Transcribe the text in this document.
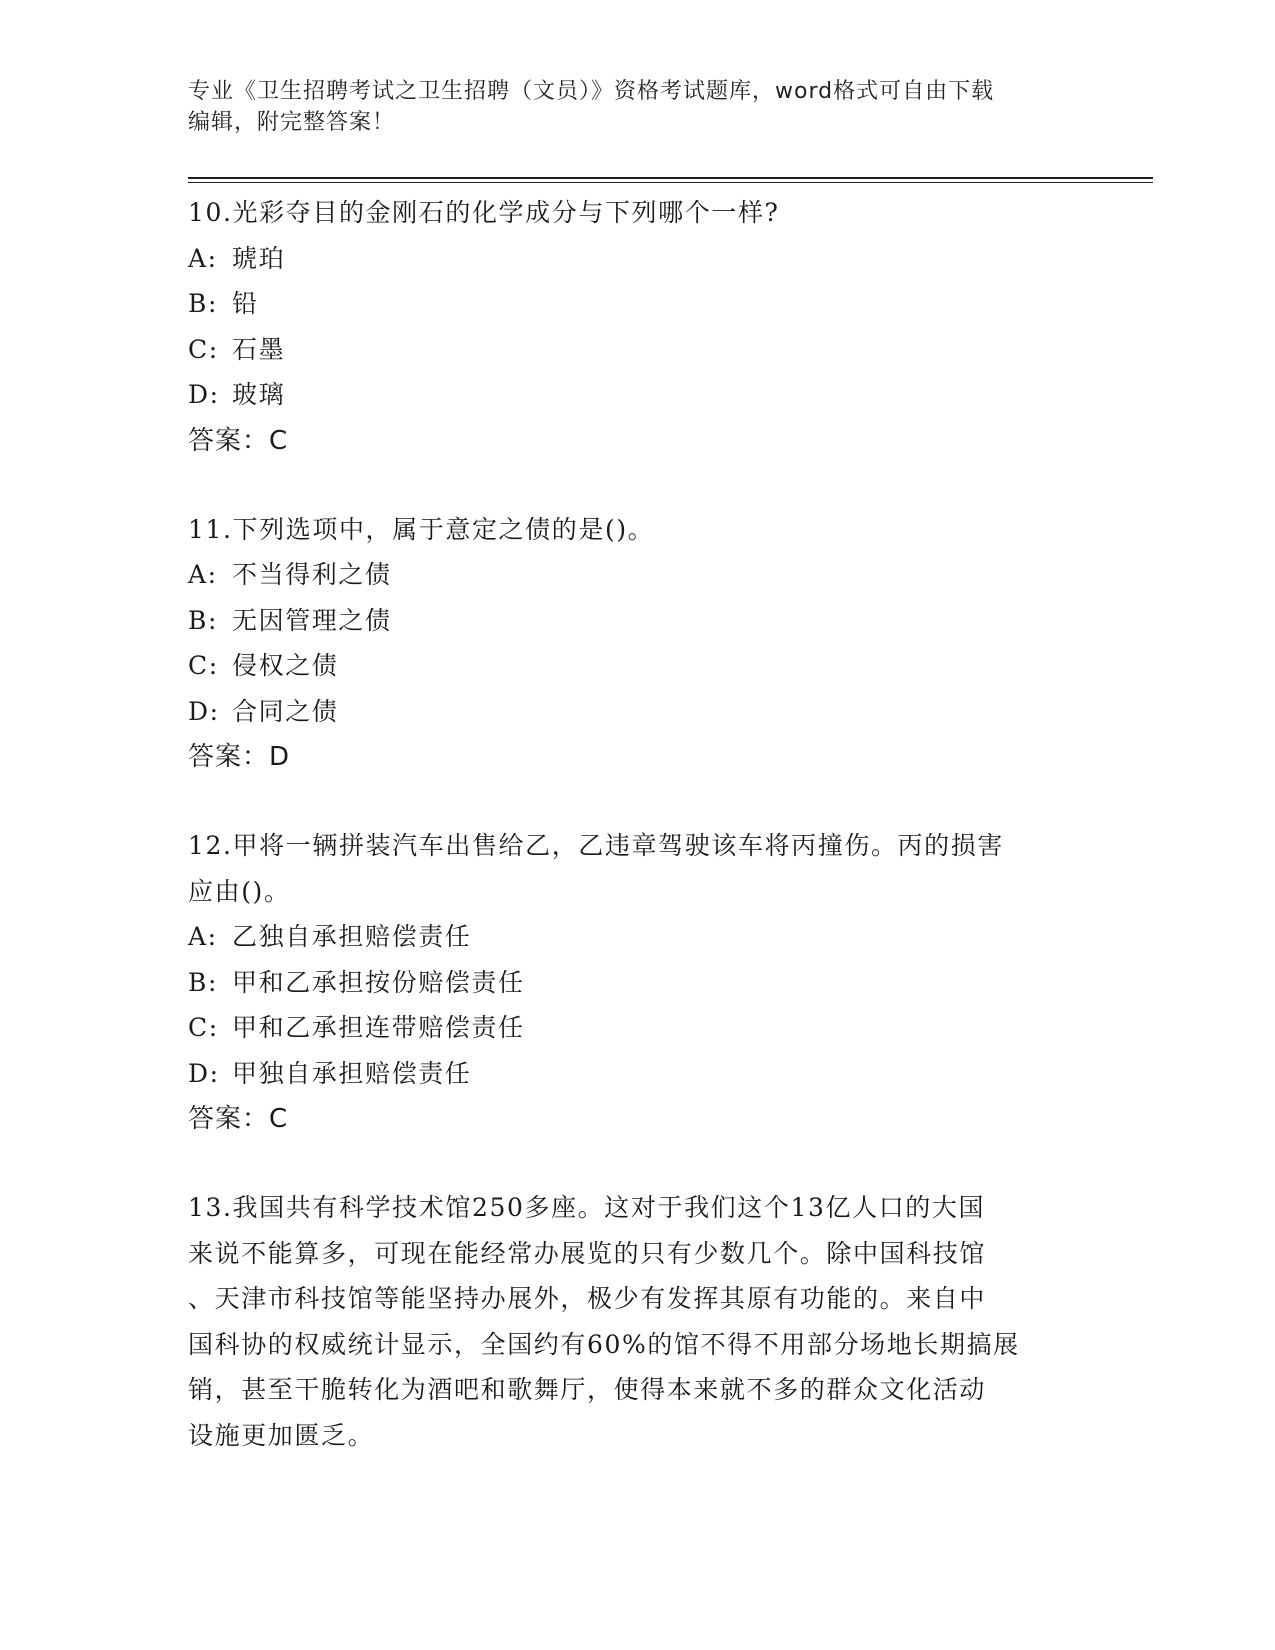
专业《卫生招聘考试之卫生招聘（文员）》资格考试题库，word格式可自由下载

编辑，附完整答案！

10.光彩夺目的金刚石的化学成分与下列哪个一样?

A: 琥珀
B: 铅
C: 石墨
D: 玻璃

答案：C

11.下列选项中，属于意定之债的是()。

A: 不当得利之债
B: 无因管理之债
C: 侵权之债
D: 合同之债

答案：D

12.甲将一辆拼装汽车出售给乙，乙违章驾驶该车将丙撞伤。丙的损害

应由()。

A: 乙独自承担赔偿责任
B: 甲和乙承担按份赔偿责任
C: 甲和乙承担连带赔偿责任
D: 甲独自承担赔偿责任

答案：C

13.我国共有科学技术馆250多座。这对于我们这个13亿人口的大国

来说不能算多，可现在能经常办展览的只有少数几个。除中国科技馆

、天津市科技馆等能坚持办展外，极少有发挥其原有功能的。来自中

国科协的权威统计显示，全国约有60%的馆不得不用部分场地长期搞展

销，甚至干脆转化为酒吧和歌舞厅，使得本来就不多的群众文化活动

设施更加匮乏。
